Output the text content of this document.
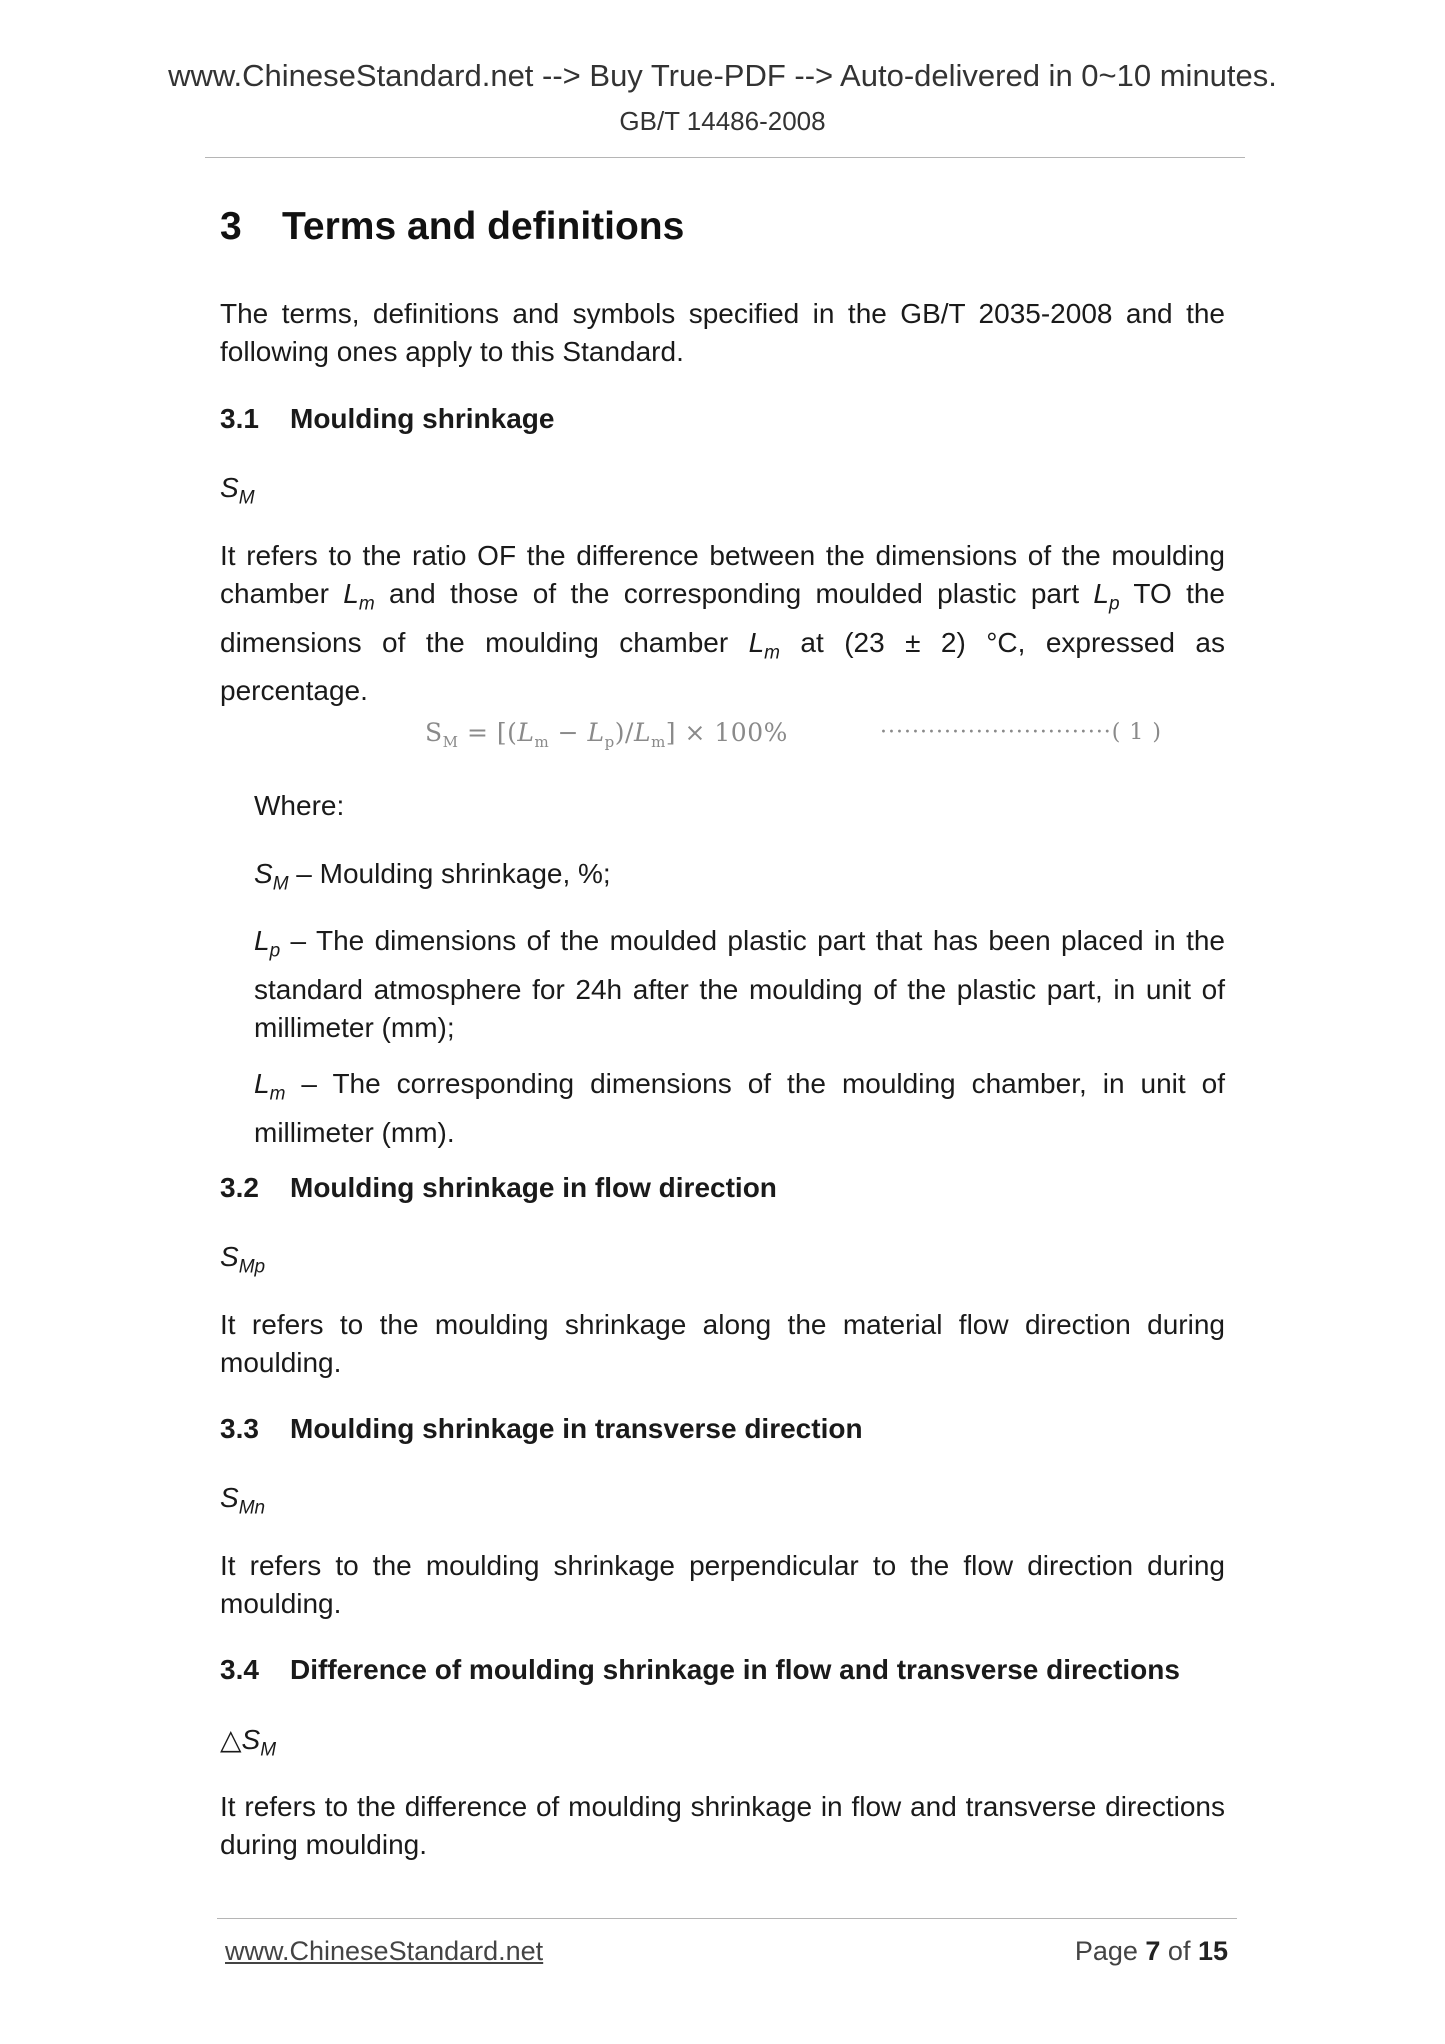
www.ChineseStandard.net --> Buy True-PDF --> Auto-delivered in 0~10 minutes.
GB/T 14486-2008
3 Terms and definitions
The terms, definitions and symbols specified in the GB/T 2035-2008 and the following ones apply to this Standard.
3.1 Moulding shrinkage
$S_M$
It refers to the ratio OF the difference between the dimensions of the moulding chamber $L_m$ and those of the corresponding moulded plastic part $L_p$ TO the dimensions of the moulding chamber $L_m$ at (23 ± 2) °C, expressed as percentage.
$S_M = [(L_m - L_p)/L_m] \times 100\%$	·····························( 1 )
Where:
$S_M$ – Moulding shrinkage, %;
$L_p$ – The dimensions of the moulded plastic part that has been placed in the standard atmosphere for 24h after the moulding of the plastic part, in unit of millimeter (mm);
$L_m$ – The corresponding dimensions of the moulding chamber, in unit of millimeter (mm).
3.2 Moulding shrinkage in flow direction
$S_{Mp}$
It refers to the moulding shrinkage along the material flow direction during moulding.
3.3 Moulding shrinkage in transverse direction
$S_{Mn}$
It refers to the moulding shrinkage perpendicular to the flow direction during moulding.
3.4 Difference of moulding shrinkage in flow and transverse directions
$\triangle S_M$
It refers to the difference of moulding shrinkage in flow and transverse directions during moulding.
www.ChineseStandard.net	Page 7 of 15
